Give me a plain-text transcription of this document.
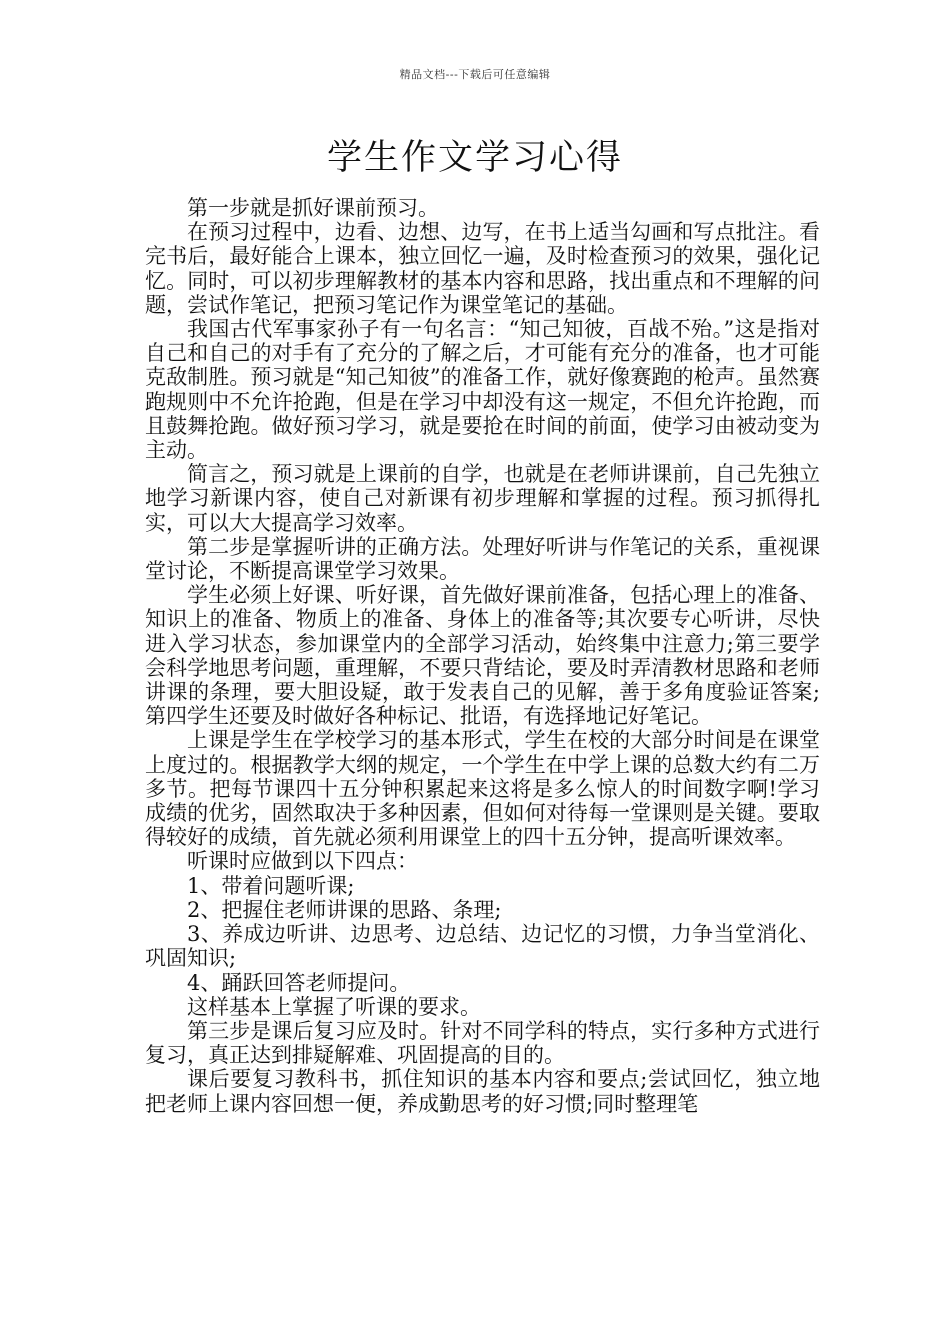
精品文档---下载后可任意编辑
学生作文学习心得

第一步就是抓好课前预习。

在预习过程中，边看、边想、边写，在书上适当勾画和写点批注。看完书后，最好能合上课本，独立回忆一遍，及时检查预习的效果，强化记忆。同时，可以初步理解教材的基本内容和思路，找出重点和不理解的问题，尝试作笔记，把预习笔记作为课堂笔记的基础。

我国古代军事家孙子有一句名言：“知己知彼，百战不殆。”这是指对自己和自己的对手有了充分的了解之后，才可能有充分的准备，也才可能克敌制胜。预习就是“知己知彼”的准备工作，就好像赛跑的枪声。虽然赛跑规则中不允许抢跑，但是在学习中却没有这一规定，不但允许抢跑，而且鼓舞抢跑。做好预习学习，就是要抢在时间的前面，使学习由被动变为主动。

简言之，预习就是上课前的自学，也就是在老师讲课前，自己先独立地学习新课内容，使自己对新课有初步理解和掌握的过程。预习抓得扎实，可以大大提高学习效率。

第二步是掌握听讲的正确方法。处理好听讲与作笔记的关系，重视课堂讨论，不断提高课堂学习效果。

学生必须上好课、听好课，首先做好课前准备，包括心理上的准备、知识上的准备、物质上的准备、身体上的准备等;其次要专心听讲，尽快进入学习状态，参加课堂内的全部学习活动，始终集中注意力;第三要学会科学地思考问题，重理解，不要只背结论，要及时弄清教材思路和老师讲课的条理，要大胆设疑，敢于发表自己的见解，善于多角度验证答案;第四学生还要及时做好各种标记、批语，有选择地记好笔记。

上课是学生在学校学习的基本形式，学生在校的大部分时间是在课堂上度过的。根据教学大纲的规定，一个学生在中学上课的总数大约有二万多节。把每节课四十五分钟积累起来这将是多么惊人的时间数字啊!学习成绩的优劣，固然取决于多种因素，但如何对待每一堂课则是关键。要取得较好的成绩，首先就必须利用课堂上的四十五分钟，提高听课效率。

听课时应做到以下四点：

1、带着问题听课;

2、把握住老师讲课的思路、条理;

3、养成边听讲、边思考、边总结、边记忆的习惯，力争当堂消化、巩固知识;

4、踊跃回答老师提问。

这样基本上掌握了听课的要求。

第三步是课后复习应及时。针对不同学科的特点，实行多种方式进行复习，真正达到排疑解难、巩固提高的目的。

课后要复习教科书，抓住知识的基本内容和要点;尝试回忆，独立地把老师上课内容回想一便，养成勤思考的好习惯;同时整理笔
